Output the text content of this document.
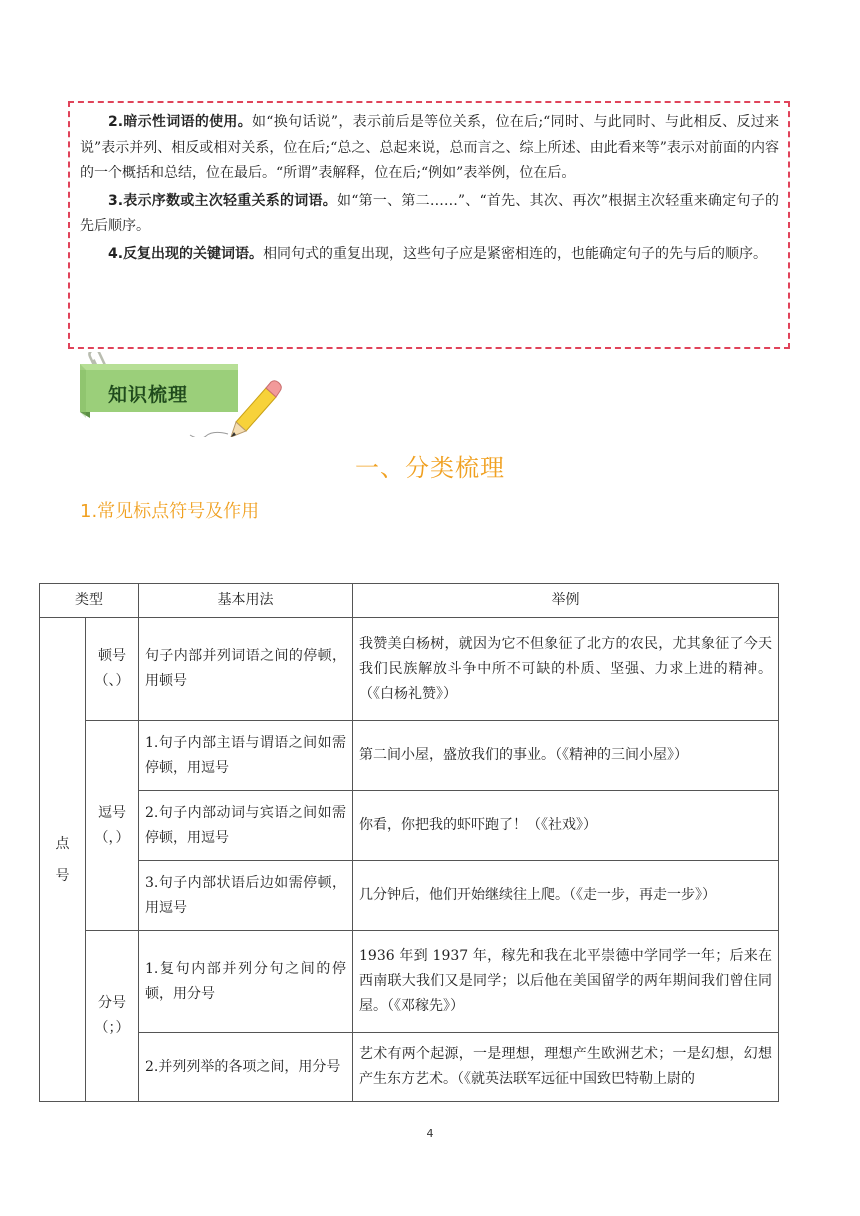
2.暗示性词语的使用。如“换句话说”，表示前后是等位关系，位在后;“同时、与此同时、与此相反、反过来说”表示并列、相反或相对关系，位在后;“总之、总起来说，总而言之、综上所述、由此看来等”表示对前面的内容的一个概括和总结，位在最后。“所谓”表解释，位在后;“例如”表举例，位在后。

3.表示序数或主次轻重关系的词语。如“第一、第二……”、“首先、其次、再次”根据主次轻重来确定句子的先后顺序。

4.反复出现的关键词语。相同句式的重复出现，这些句子应是紧密相连的，也能确定句子的先与后的顺序。

知识梳理
一、分类梳理
1.常见标点符号及作用
类型		基本用法	举例

点
号	顿号（、）	句子内部并列词语之间的停顿，用顿号	我赞美白杨树，就因为它不但象征了北方的农民，尤其象征了今天我们民族解放斗争中所不可缺的朴质、坚强、力求上进的精神。（《白杨礼赞》）
	逗号（，）	1.句子内部主语与谓语之间如需停顿，用逗号	第二间小屋，盛放我们的事业。（《精神的三间小屋》）
		2.句子内部动词与宾语之间如需停顿，用逗号	你看，你把我的虾吓跑了！（《社戏》）
		3.句子内部状语后边如需停顿，用逗号	几分钟后，他们开始继续往上爬。（《走一步，再走一步》）
	分号（；）	1.复句内部并列分句之间的停顿，用分号	1936 年到 1937 年，稼先和我在北平崇德中学同学一年；后来在西南联大我们又是同学；以后他在美国留学的两年期间我们曾住同屋。（《邓稼先》）
		2.并列列举的各项之间，用分号	艺术有两个起源，一是理想，理想产生欧洲艺术；一是幻想，幻想产生东方艺术。（《就英法联军远征中国致巴特勒上尉的
4
